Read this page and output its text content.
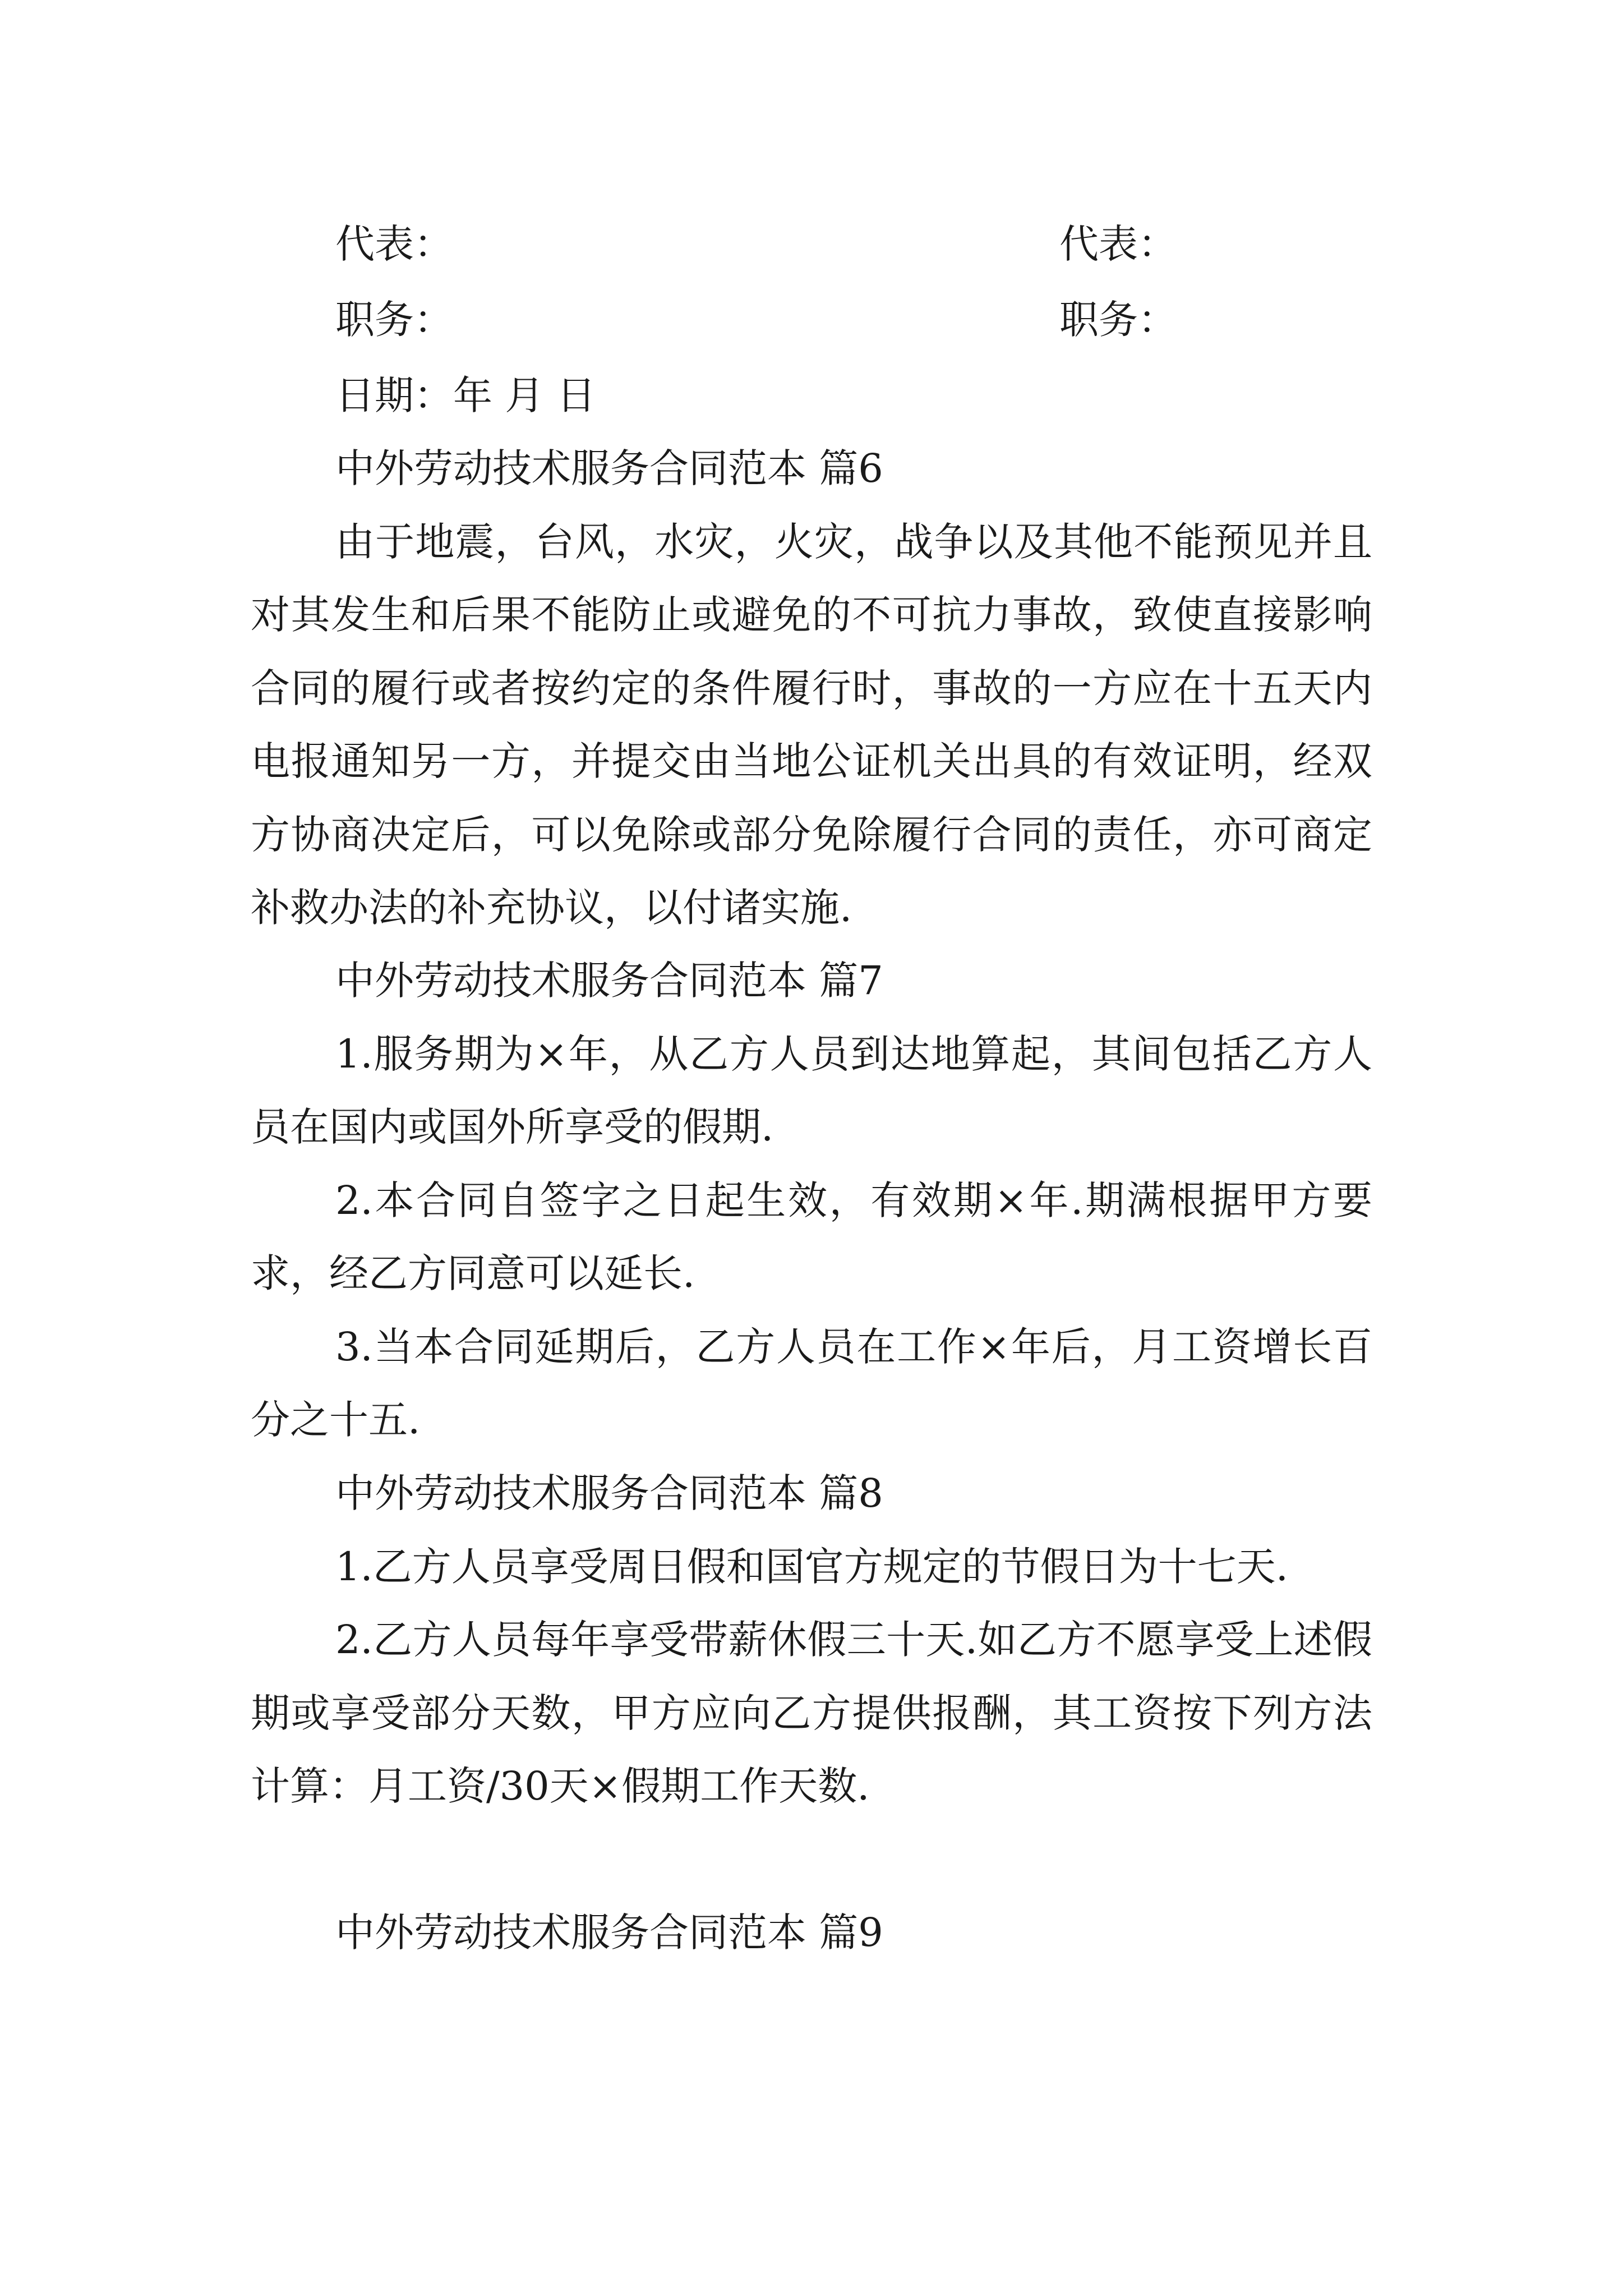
代表：	代表：
职务：	职务：
日期：年 月 日

中外劳动技术服务合同范本 篇6

由于地震，台风，水灾，火灾，战争以及其他不能预见并且对其发生和后果不能防止或避免的不可抗力事故，致使直接影响合同的履行或者按约定的条件履行时，事故的一方应在十五天内电报通知另一方，并提交由当地公证机关出具的有效证明，经双方协商决定后，可以免除或部分免除履行合同的责任，亦可商定补救办法的补充协议，以付诸实施.

中外劳动技术服务合同范本 篇7

1.服务期为×年，从乙方人员到达地算起，其间包括乙方人员在国内或国外所享受的假期.

2.本合同自签字之日起生效，有效期×年.期满根据甲方要求，经乙方同意可以延长.

3.当本合同延期后，乙方人员在工作×年后，月工资增长百分之十五.

中外劳动技术服务合同范本 篇8

1.乙方人员享受周日假和国官方规定的节假日为十七天.

2.乙方人员每年享受带薪休假三十天.如乙方不愿享受上述假期或享受部分天数，甲方应向乙方提供报酬，其工资按下列方法计算：月工资/30天×假期工作天数.

中外劳动技术服务合同范本 篇9
